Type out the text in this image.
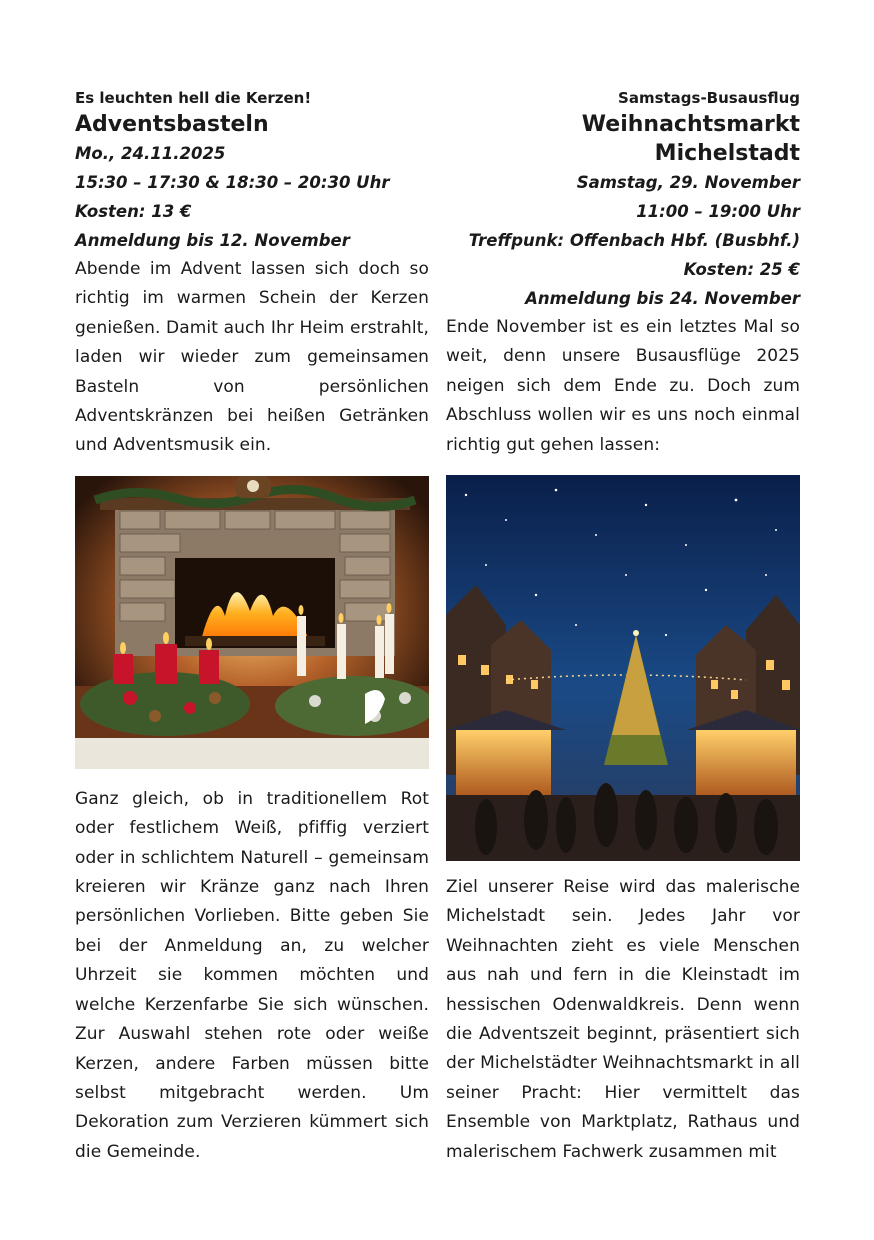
Es leuchten hell die Kerzen!
Adventsbasteln
Mo., 24.11.2025
15:30 – 17:30 & 18:30 – 20:30 Uhr
Kosten: 13 €
Anmeldung bis 12. November

Abende im Advent lassen sich doch so richtig im warmen Schein der Kerzen genießen. Damit auch Ihr Heim erstrahlt, laden wir wieder zum gemeinsamen Basteln von persönlichen Adventskränzen bei heißen Getränken und Adventsmusik ein.

Ganz gleich, ob in traditionellem Rot oder festlichem Weiß, pfiffig verziert oder in schlichtem Naturell – gemeinsam kreieren wir Kränze ganz nach Ihren persönlichen Vorlieben. Bitte geben Sie bei der Anmeldung an, zu welcher Uhrzeit sie kommen möchten und welche Kerzenfarbe Sie sich wünschen. Zur Auswahl stehen rote oder weiße Kerzen, andere Farben müssen bitte selbst mitgebracht werden. Um Dekoration zum Verzieren kümmert sich die Gemeinde.

Samstags-Busausflug
Weihnachtsmarkt
Michelstadt
Samstag, 29. November
11:00 – 19:00 Uhr
Treffpunk: Offenbach Hbf. (Busbhf.)
Kosten: 25 €
Anmeldung bis 24. November

Ende November ist es ein letztes Mal so weit, denn unsere Busausflüge 2025 neigen sich dem Ende zu. Doch zum Abschluss wollen wir es uns noch einmal richtig gut gehen lassen:

Ziel unserer Reise wird das malerische Michelstadt sein. Jedes Jahr vor Weihnachten zieht es viele Menschen aus nah und fern in die Kleinstadt im hessischen Odenwaldkreis. Denn wenn die Adventszeit beginnt, präsentiert sich der Michelstädter Weihnachtsmarkt in all seiner Pracht: Hier vermittelt das Ensemble von Marktplatz, Rathaus und malerischem Fachwerk zusammen mit
